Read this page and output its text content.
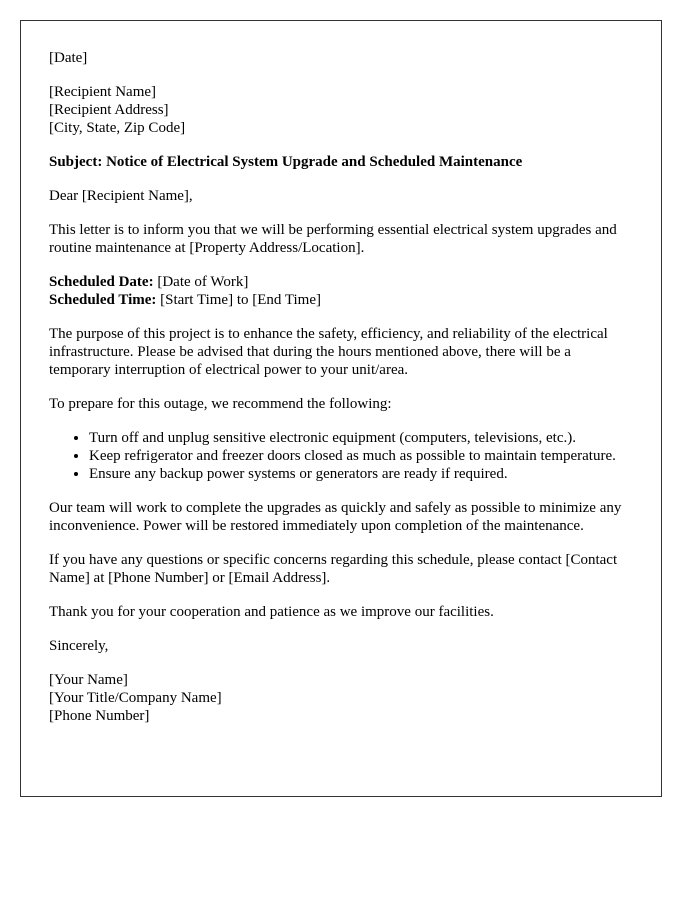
[Date]

[Recipient Name]
[Recipient Address]
[City, State, Zip Code]

Subject: Notice of Electrical System Upgrade and Scheduled Maintenance

Dear [Recipient Name],

This letter is to inform you that we will be performing essential electrical system upgrades and routine maintenance at [Property Address/Location].

Scheduled Date: [Date of Work]
Scheduled Time: [Start Time] to [End Time]

The purpose of this project is to enhance the safety, efficiency, and reliability of the electrical infrastructure. Please be advised that during the hours mentioned above, there will be a temporary interruption of electrical power to your unit/area.

To prepare for this outage, we recommend the following:

• Turn off and unplug sensitive electronic equipment (computers, televisions, etc.).
• Keep refrigerator and freezer doors closed as much as possible to maintain temperature.
• Ensure any backup power systems or generators are ready if required.

Our team will work to complete the upgrades as quickly and safely as possible to minimize any inconvenience. Power will be restored immediately upon completion of the maintenance.

If you have any questions or specific concerns regarding this schedule, please contact [Contact Name] at [Phone Number] or [Email Address].

Thank you for your cooperation and patience as we improve our facilities.

Sincerely,

[Your Name]
[Your Title/Company Name]
[Phone Number]
